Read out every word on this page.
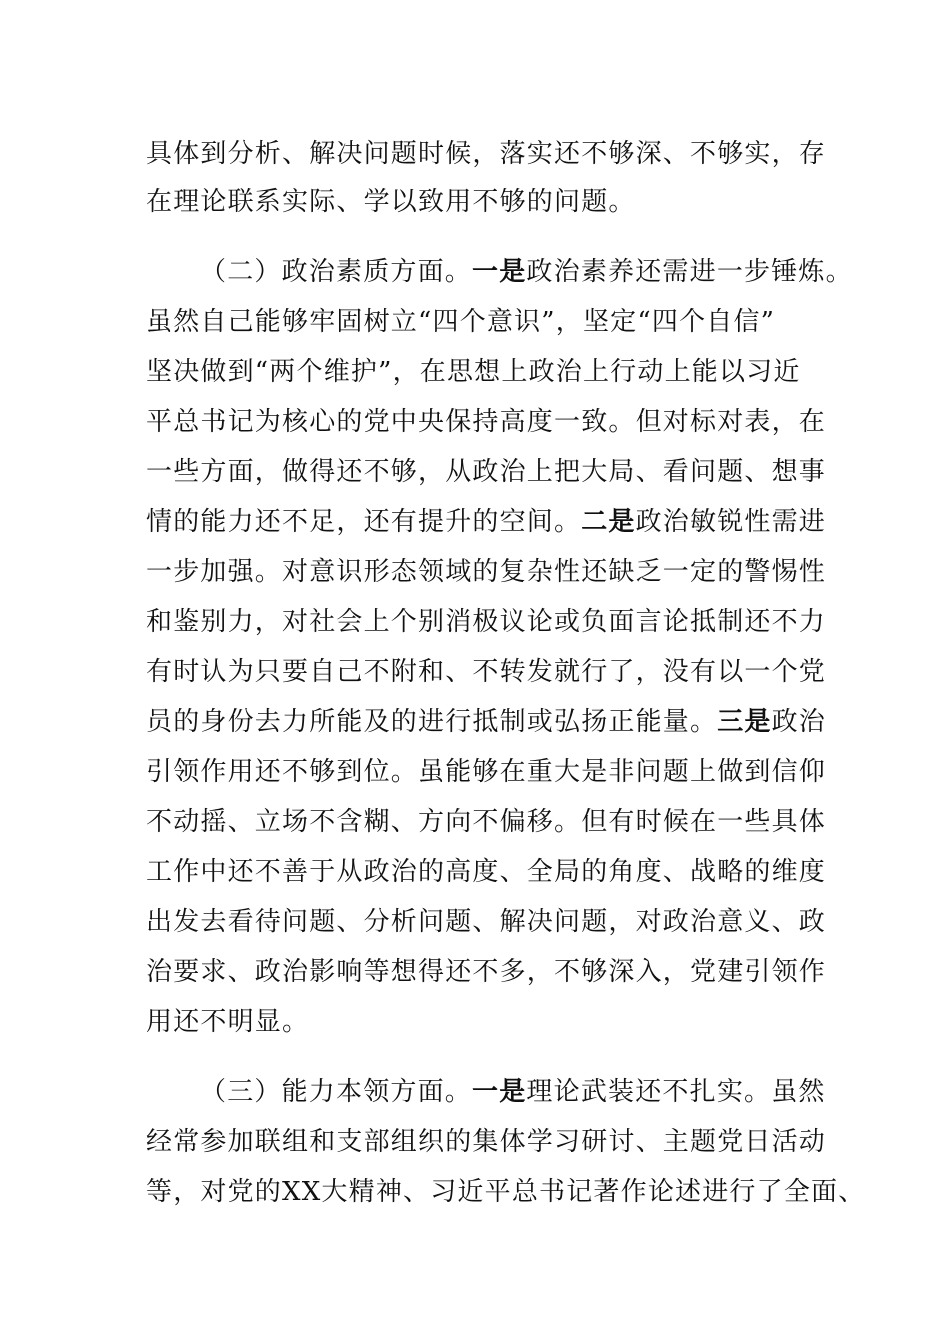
具体到分析、解决问题时候，落实还不够深、不够实，存
在理论联系实际、学以致用不够的问题。
（二）政治素质方面。一是政治素养还需进一步锤炼。
虽然自己能够牢固树立“四个意识”，坚定“四个自信”
坚决做到“两个维护”，在思想上政治上行动上能以习近
平总书记为核心的党中央保持高度一致。但对标对表，在
一些方面，做得还不够，从政治上把大局、看问题、想事
情的能力还不足，还有提升的空间。二是政治敏锐性需进
一步加强。对意识形态领域的复杂性还缺乏一定的警惕性
和鉴别力，对社会上个别消极议论或负面言论抵制还不力
有时认为只要自己不附和、不转发就行了，没有以一个党
员的身份去力所能及的进行抵制或弘扬正能量。三是政治
引领作用还不够到位。虽能够在重大是非问题上做到信仰
不动摇、立场不含糊、方向不偏移。但有时候在一些具体
工作中还不善于从政治的高度、全局的角度、战略的维度
出发去看待问题、分析问题、解决问题，对政治意义、政
治要求、政治影响等想得还不多，不够深入，党建引领作
用还不明显。
（三）能力本领方面。一是理论武装还不扎实。虽然
经常参加联组和支部组织的集体学习研讨、主题党日活动
等，对党的XX大精神、习近平总书记著作论述进行了全面、
